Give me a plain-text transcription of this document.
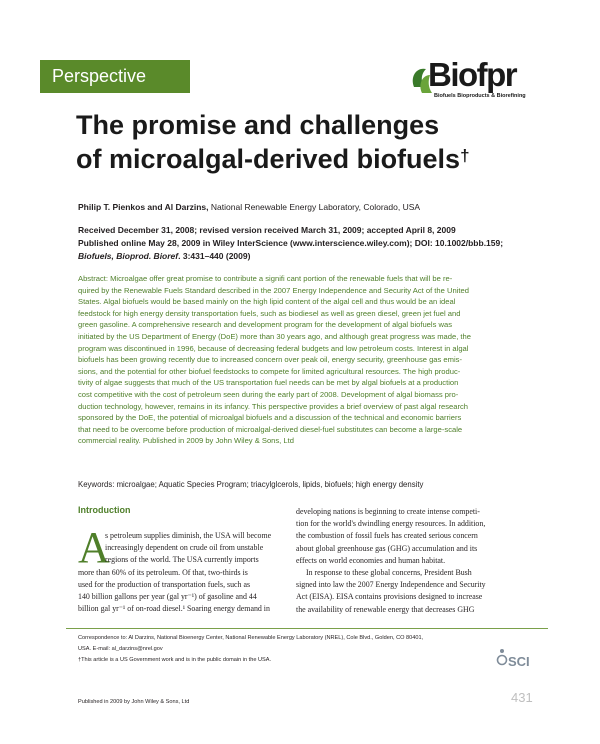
Perspective	Biofpr
Biofuels Bioproducts & Biorefining
The promise and challenges
of microalgal-derived biofuels†
Philip T. Pienkos and Al Darzins, National Renewable Energy Laboratory, Colorado, USA
Received December 31, 2008; revised version received March 31, 2009; accepted April 8, 2009
Published online May 28, 2009 in Wiley InterScience (www.interscience.wiley.com); DOI: 10.1002/bbb.159;
Biofuels, Bioprod. Bioref. 3:431–440 (2009)
Abstract: Microalgae offer great promise to contribute a signifi cant portion of the renewable fuels that will be re-
quired by the Renewable Fuels Standard described in the 2007 Energy Independence and Security Act of the United
States. Algal biofuels would be based mainly on the high lipid content of the algal cell and thus would be an ideal
feedstock for high energy density transportation fuels, such as biodiesel as well as green diesel, green jet fuel and
green gasoline. A comprehensive research and development program for the development of algal biofuels was
initiated by the US Department of Energy (DoE) more than 30 years ago, and although great progress was made, the
program was discontinued in 1996, because of decreasing federal budgets and low petroleum costs. Interest in algal
biofuels has been growing recently due to increased concern over peak oil, energy security, greenhouse gas emis-
sions, and the potential for other biofuel feedstocks to compete for limited agricultural resources. The high produc-
tivity of algae suggests that much of the US transportation fuel needs can be met by algal biofuels at a production
cost competitive with the cost of petroleum seen during the early part of 2008. Development of algal biomass pro-
duction technology, however, remains in its infancy. This perspective provides a brief overview of past algal research
sponsored by the DoE, the potential of microalgal biofuels and a discussion of the technical and economic barriers
that need to be overcome before production of microalgal-derived diesel-fuel substitutes can become a large-scale
commercial reality. Published in 2009 by John Wiley & Sons, Ltd
Keywords: microalgae; Aquatic Species Program; triacylglcerols, lipids, biofuels; high energy density
Introduction
A
s petroleum supplies diminish, the USA will become
increasingly dependent on crude oil from unstable
regions of the world. The USA currently imports
more than 60% of its petroleum. Of that, two-thirds is
used for the production of transportation fuels, such as
140 billion gallons per year (gal yr⁻¹) of gasoline and 44
billion gal yr⁻¹ of on-road diesel.¹ Soaring energy demand in
developing nations is beginning to create intense competi-
tion for the world's dwindling energy resources. In addition,
the combustion of fossil fuels has created serious concern
about global greenhouse gas (GHG) accumulation and its
effects on world economies and human habitat.
In response to these global concerns, President Bush
signed into law the 2007 Energy Independence and Security
Act (EISA). EISA contains provisions designed to increase
the availability of renewable energy that decreases GHG
Correspondence to: Al Darzins, National Bioenergy Center, National Renewable Energy Laboratory (NREL), Cole Blvd., Golden, CO 80401,
USA. E-mail: al_darzins@nrel.gov
†This article is a US Government work and is in the public domain in the USA.	SCI
Published in 2009 by John Wiley & Sons, Ltd	431
